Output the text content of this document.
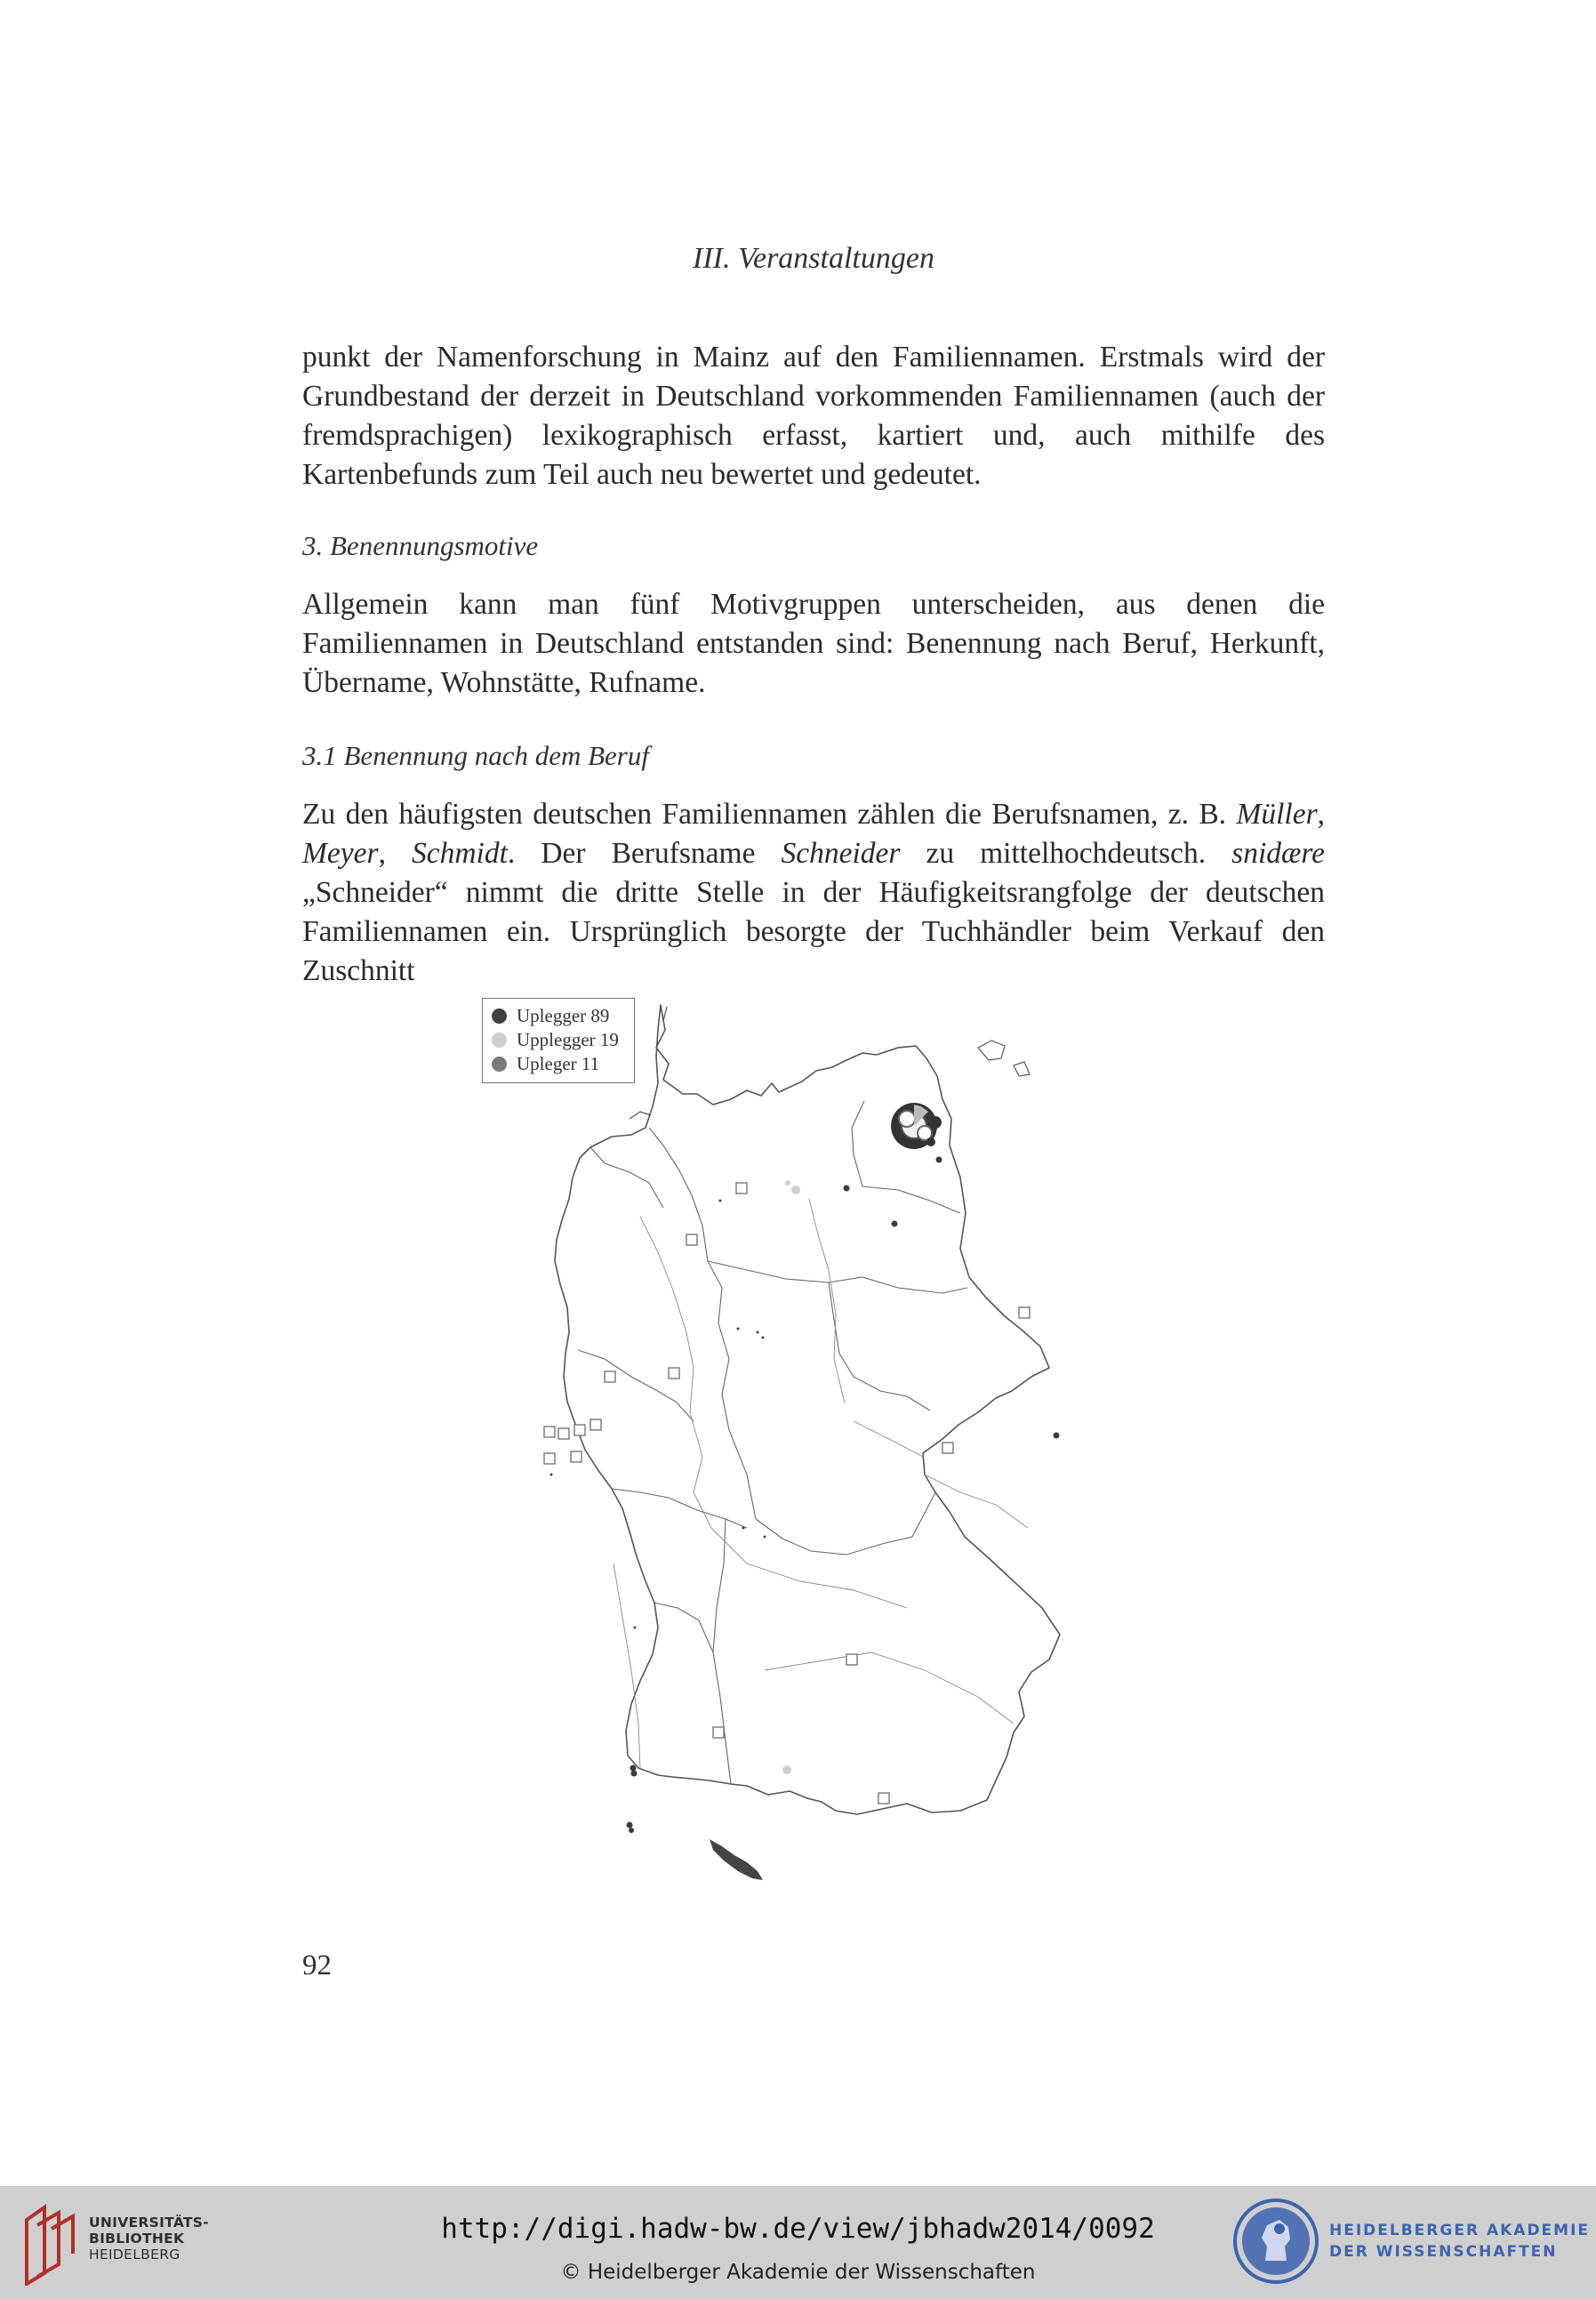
III. Veranstaltungen

punkt der Namenforschung in Mainz auf den Familiennamen. Erstmals wird der Grundbestand der derzeit in Deutschland vorkommenden Familiennamen (auch der fremdsprachigen) lexikographisch erfasst, kartiert und, auch mithilfe des Kartenbefunds zum Teil auch neu bewertet und gedeutet.

3. Benennungsmotive

Allgemein kann man fünf Motivgruppen unterscheiden, aus denen die Familiennamen in Deutschland entstanden sind: Benennung nach Beruf, Herkunft, Übername, Wohnstätte, Rufname.

3.1 Benennung nach dem Beruf

Zu den häufigsten deutschen Familiennamen zählen die Berufsnamen, z. B. Müller, Meyer, Schmidt. Der Berufsname Schneider zu mittelhochdeutsch. snidære „Schneider“ nimmt die dritte Stelle in der Häufigkeitsrangfolge der deutschen Familiennamen ein. Ursprünglich besorgte der Tuchhändler beim Verkauf den Zuschnitt

Uplegger 89
Upplegger 19
Upleger 11
92
UNIVERSITÄTS-
BIBLIOTHEK
HEIDELBERG
http://digi.hadw-bw.de/view/jbhadw2014/0092
© Heidelberger Akademie der Wissenschaften
HEIDELBERGER AKADEMIE
DER WISSENSCHAFTEN
